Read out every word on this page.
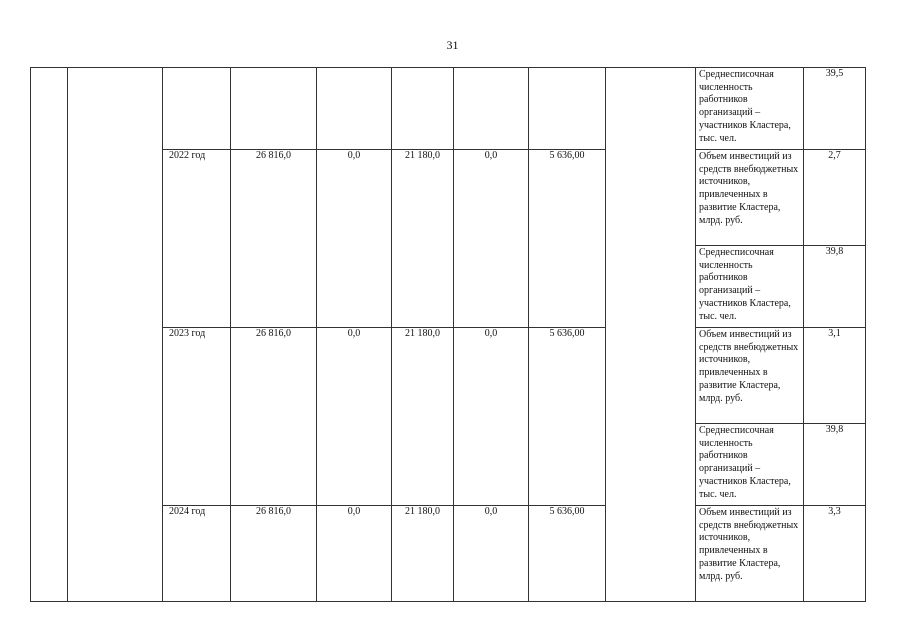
31

									Среднесписочная численность работников организаций – участников Кластера, тыс. чел.	39,5
		2022 год	26 816,0	0,0	21 180,0	0,0	5 636,00		Объем инвестиций из средств внебюджетных источников, привлеченных в развитие Кластера, млрд. руб.	2,7

									Среднесписочная численность работников организаций – участников Кластера, тыс. чел.	39,8
		2023 год	26 816,0	0,0	21 180,0	0,0	5 636,00		Объем инвестиций из средств внебюджетных источников, привлеченных в развитие Кластера, млрд. руб.	3,1

									Среднесписочная численность работников организаций – участников Кластера, тыс. чел.	39,8
		2024 год	26 816,0	0,0	21 180,0	0,0	5 636,00		Объем инвестиций из средств внебюджетных источников, привлеченных в развитие Кластера, млрд. руб.	3,3
